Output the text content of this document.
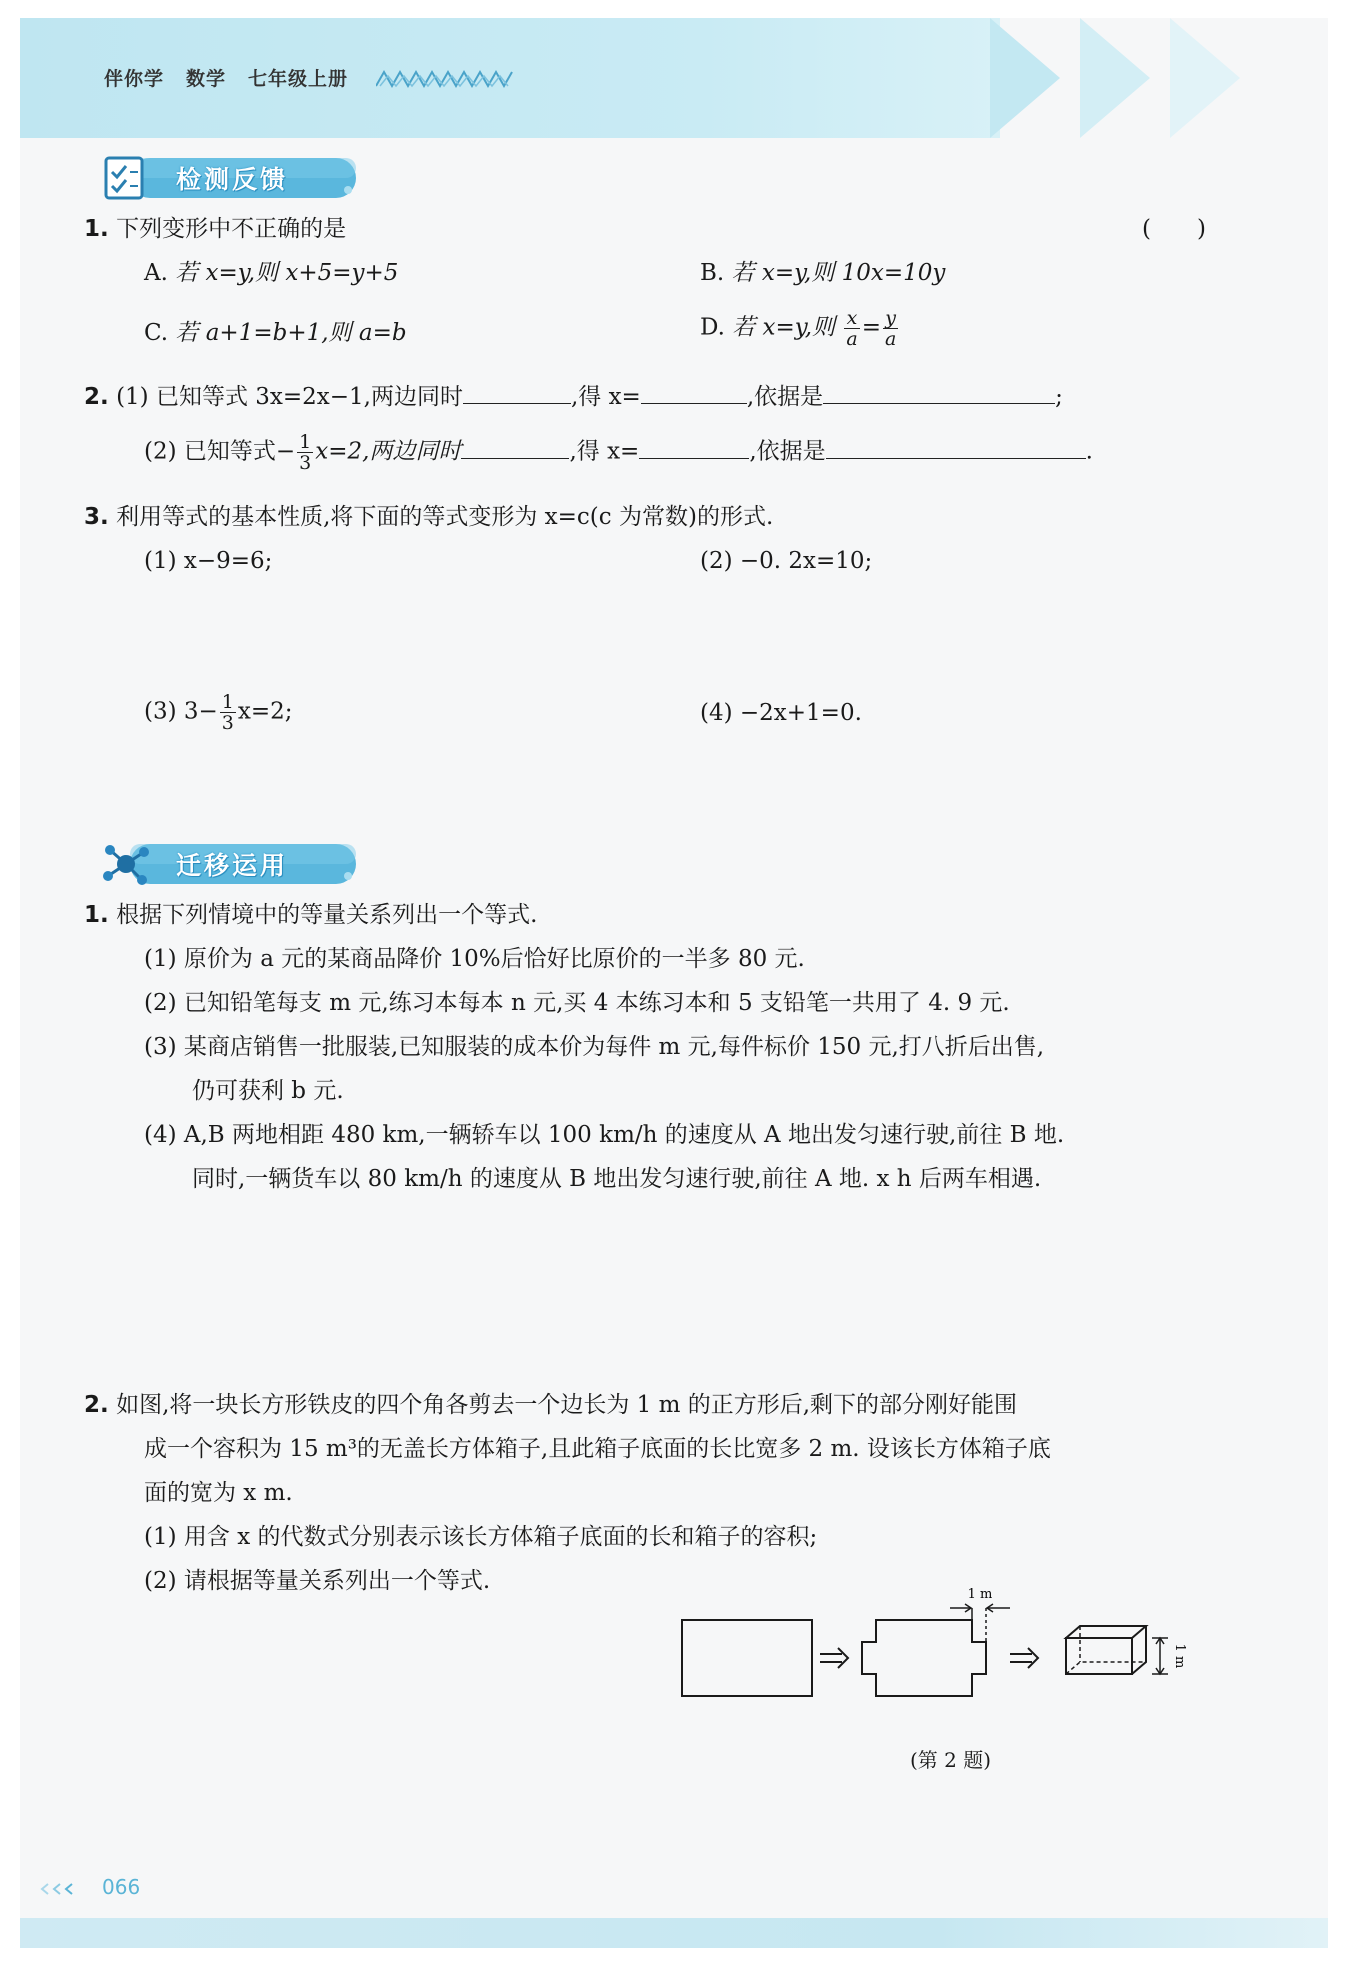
伴你学 数学 七年级上册
检测反馈
1. 下列变形中不正确的是	(　　)
A. 若 x=y,则 x+5=y+5	B. 若 x=y,则 10x=10y
C. 若 a+1=b+1,则 a=b	D. 若 x=y,则 $\frac{x}{a} = \frac{y}{a}$
2. (1) 已知等式 3x=2x−1,两边同时	,得 x=	,依据是	;
(2) 已知等式− $\frac{1}{3} x=2$,两边同时	,得 x=	,依据是	.
3. 利用等式的基本性质,将下面的等式变形为 x=c(c 为常数)的形式.
(1) x−9=6;	(2) −0. 2x=10;
(3) $3- \frac{1}{3} x=2$;	(4) −2x+1=0.
迁移运用
1. 根据下列情境中的等量关系列出一个等式.
(1) 原价为 a 元的某商品降价 10%后恰好比原价的一半多 80 元.
(2) 已知铅笔每支 m 元,练习本每本 n 元,买 4 本练习本和 5 支铅笔一共用了 4. 9 元.
(3) 某商店销售一批服装,已知服装的成本价为每件 m 元,每件标价 150 元,打八折后出售,
仍可获利 b 元.
(4) A,B 两地相距 480 km,一辆轿车以 100 km/h 的速度从 A 地出发匀速行驶,前往 B 地.
同时,一辆货车以 80 km/h 的速度从 B 地出发匀速行驶,前往 A 地. x h 后两车相遇.
2. 如图,将一块长方形铁皮的四个角各剪去一个边长为 1 m 的正方形后,剩下的部分刚好能围
成一个容积为 15 m³的无盖长方体箱子,且此箱子底面的长比宽多 2 m. 设该长方体箱子底
面的宽为 x m.
(1) 用含 x 的代数式分别表示该长方体箱子底面的长和箱子的容积;
(2) 请根据等量关系列出一个等式.
1 m
1 m
(第 2 题)
066
